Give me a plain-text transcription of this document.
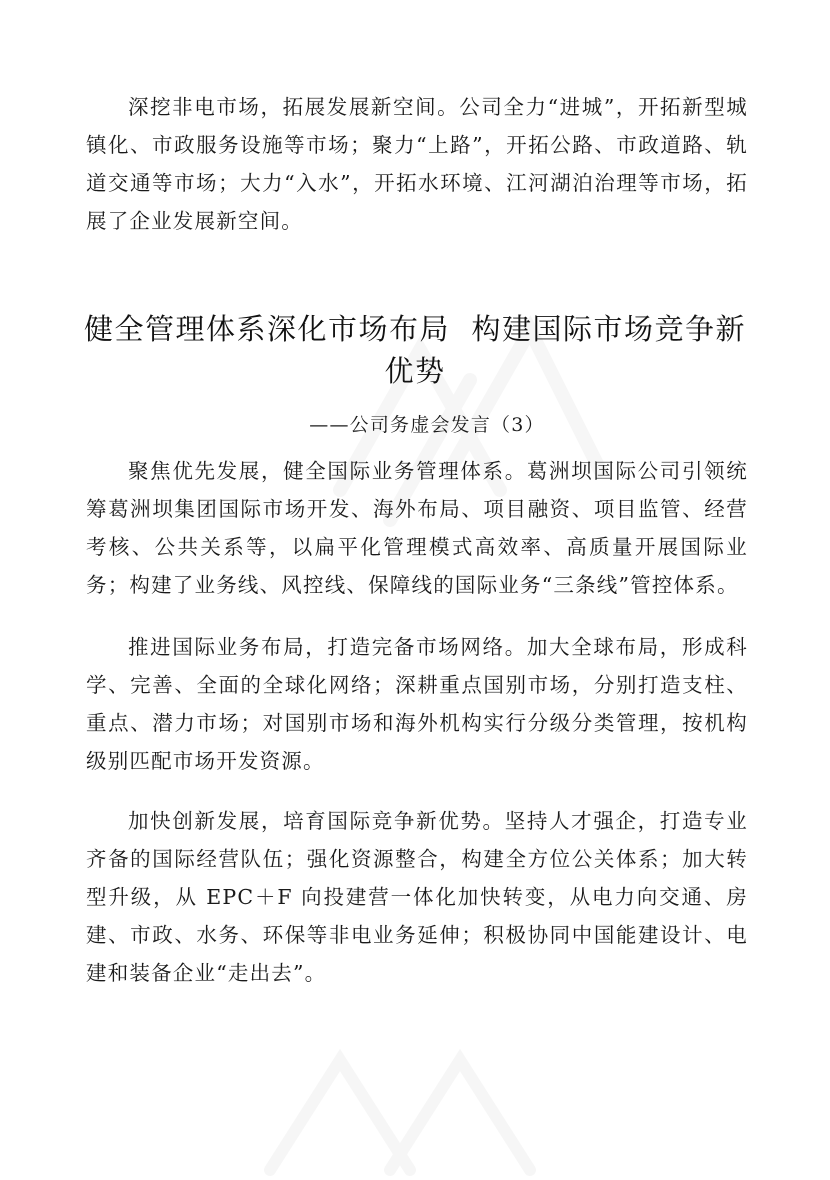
深挖非电市场，拓展发展新空间。公司全力“进城”，开拓新型城镇化、市政服务设施等市场；聚力“上路”，开拓公路、市政道路、轨道交通等市场；大力“入水”，开拓水环境、江河湖泊治理等市场，拓展了企业发展新空间。

健全管理体系深化市场布局  构建国际市场竞争新
优势

——公司务虚会发言（3）

聚焦优先发展，健全国际业务管理体系。葛洲坝国际公司引领统筹葛洲坝集团国际市场开发、海外布局、项目融资、项目监管、经营考核、公共关系等，以扁平化管理模式高效率、高质量开展国际业务；构建了业务线、风控线、保障线的国际业务“三条线”管控体系。

推进国际业务布局，打造完备市场网络。加大全球布局，形成科学、完善、全面的全球化网络；深耕重点国别市场，分别打造支柱、重点、潜力市场；对国别市场和海外机构实行分级分类管理，按机构级别匹配市场开发资源。

加快创新发展，培育国际竞争新优势。坚持人才强企，打造专业齐备的国际经营队伍；强化资源整合，构建全方位公关体系；加大转型升级，从 EPC＋F 向投建营一体化加快转变，从电力向交通、房建、市政、水务、环保等非电业务延伸；积极协同中国能建设计、电建和装备企业“走出去”。
